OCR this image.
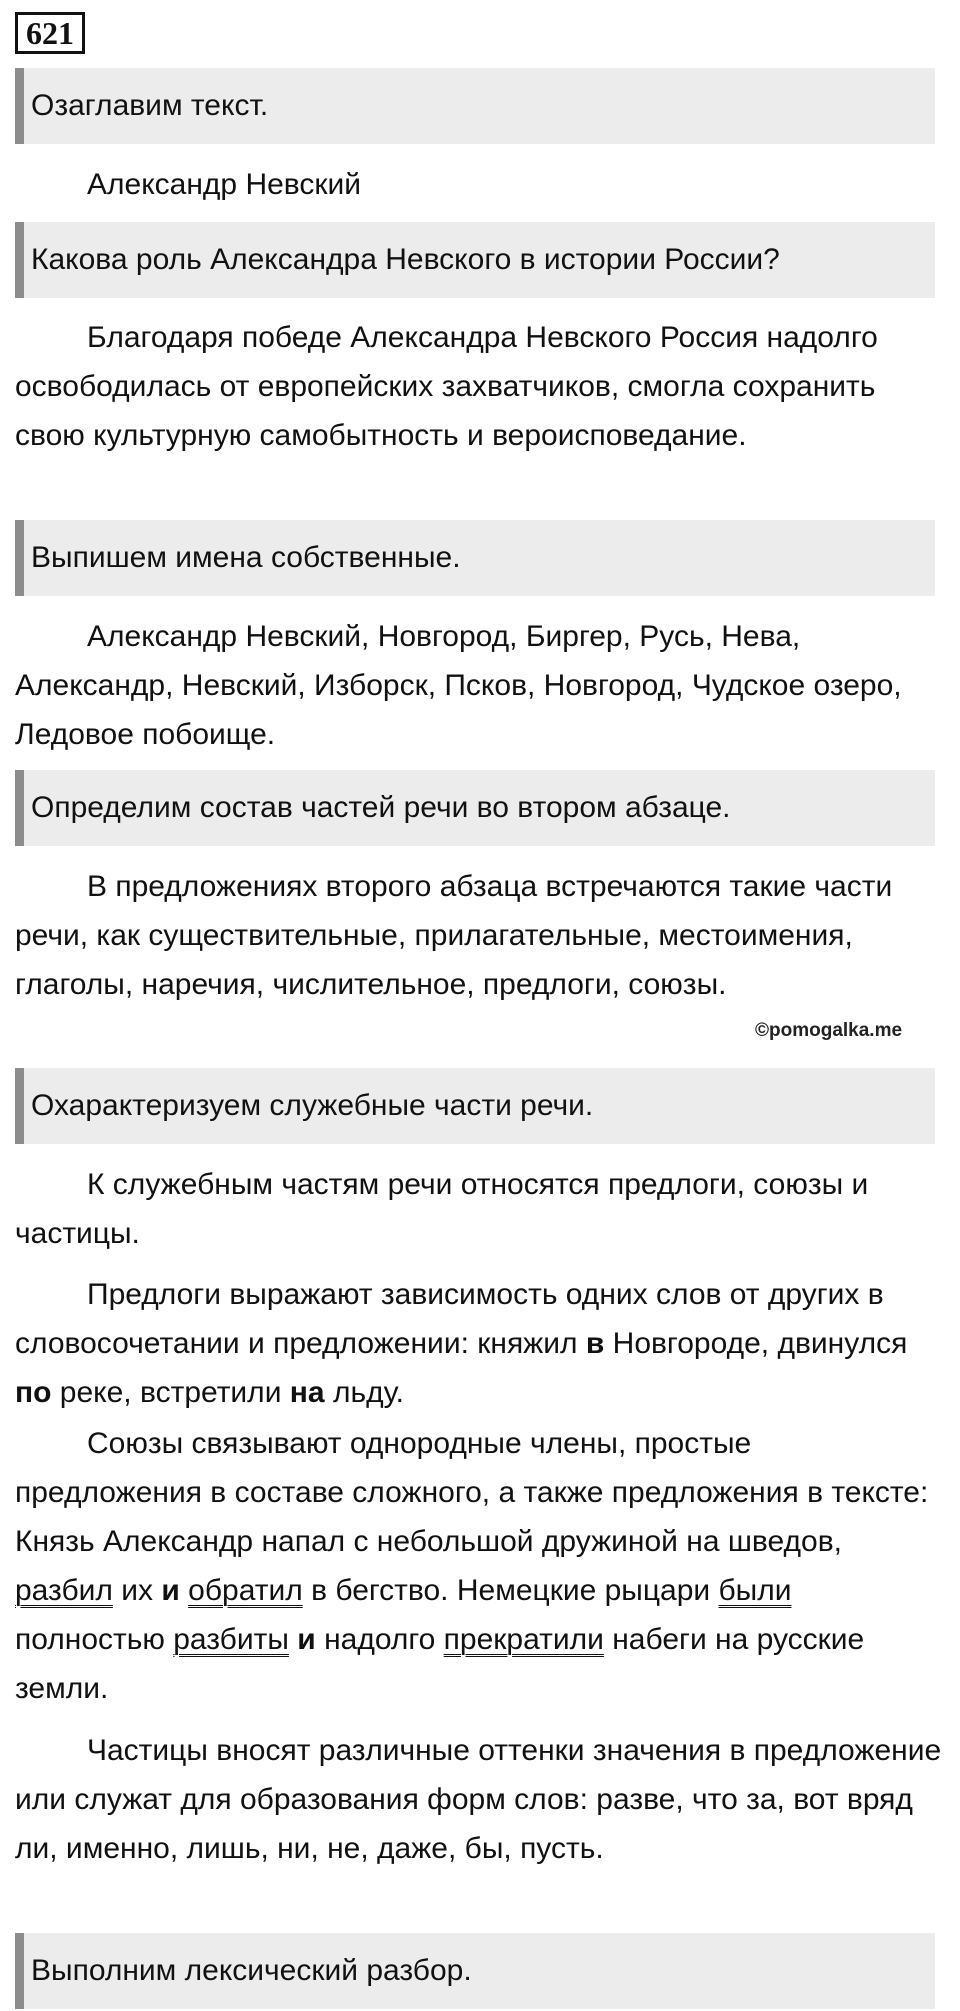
621
Озаглавим текст.

Александр Невский

Какова роль Александра Невского в истории России?

Благодаря победе Александра Невского Россия надолго освободилась от европейских захватчиков, смогла сохранить свою культурную самобытность и вероисповедание.

Выпишем имена собственные.

Александр Невский, Новгород, Биргер, Русь, Нева, Александр, Невский, Изборск, Псков, Новгород, Чудское озеро, Ледовое побоище.

Определим состав частей речи во втором абзаце.

В предложениях второго абзаца встречаются такие части речи, как существительные, прилагательные, местоимения, глаголы, наречия, числительное, предлоги, союзы.

©pomogalka.me
Охарактеризуем служебные части речи.

К служебным частям речи относятся предлоги, союзы и частицы.

Предлоги выражают зависимость одних слов от других в словосочетании и предложении: княжил в Новгороде, двинулся по реке, встретили на льду.

Союзы связывают однородные члены, простые предложения в составе сложного, а также предложения в тексте: Князь Александр напал с небольшой дружиной на шведов, разбил их и обратил в бегство. Немецкие рыцари были полностью разбиты и надолго прекратили набеги на русские земли.

Частицы вносят различные оттенки значения в предложение или служат для образования форм слов: разве, что за, вот вряд ли, именно, лишь, ни, не, даже, бы, пусть.

Выполним лексический разбор.
